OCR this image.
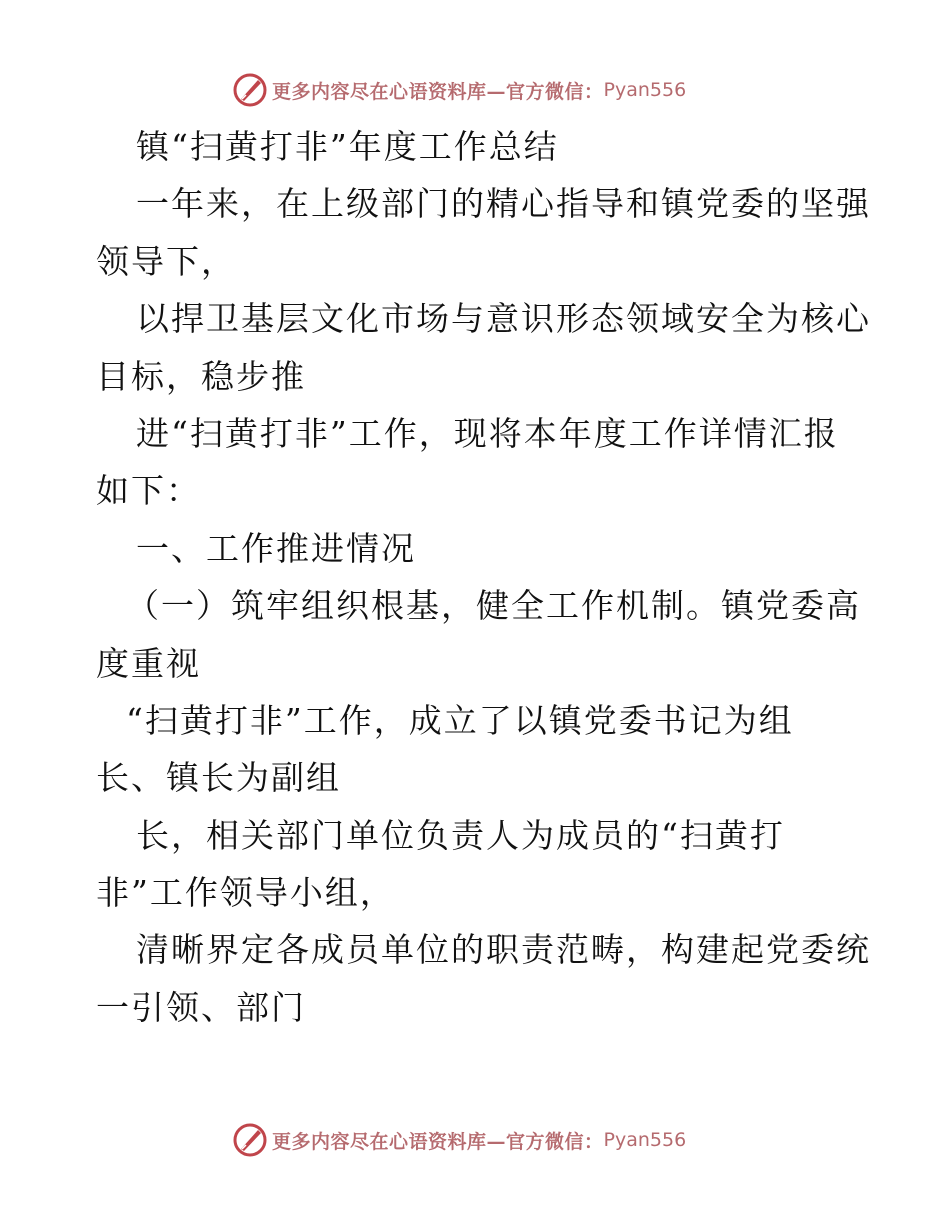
更多内容尽在心语资料库—官方微信： Pyan556
镇“扫黄打非”年度工作总结
一年来，在上级部门的精心指导和镇党委的坚强
领导下，
以捍卫基层文化市场与意识形态领域安全为核心
目标，稳步推
进“扫黄打非”工作，现将本年度工作详情汇报
如下：
一、工作推进情况
（一）筑牢组织根基，健全工作机制。镇党委高
度重视
“扫黄打非”工作，成立了以镇党委书记为组
长、镇长为副组
长，相关部门单位负责人为成员的“扫黄打
非”工作领导小组，
清晰界定各成员单位的职责范畴，构建起党委统
一引领、部门
更多内容尽在心语资料库—官方微信： Pyan556
